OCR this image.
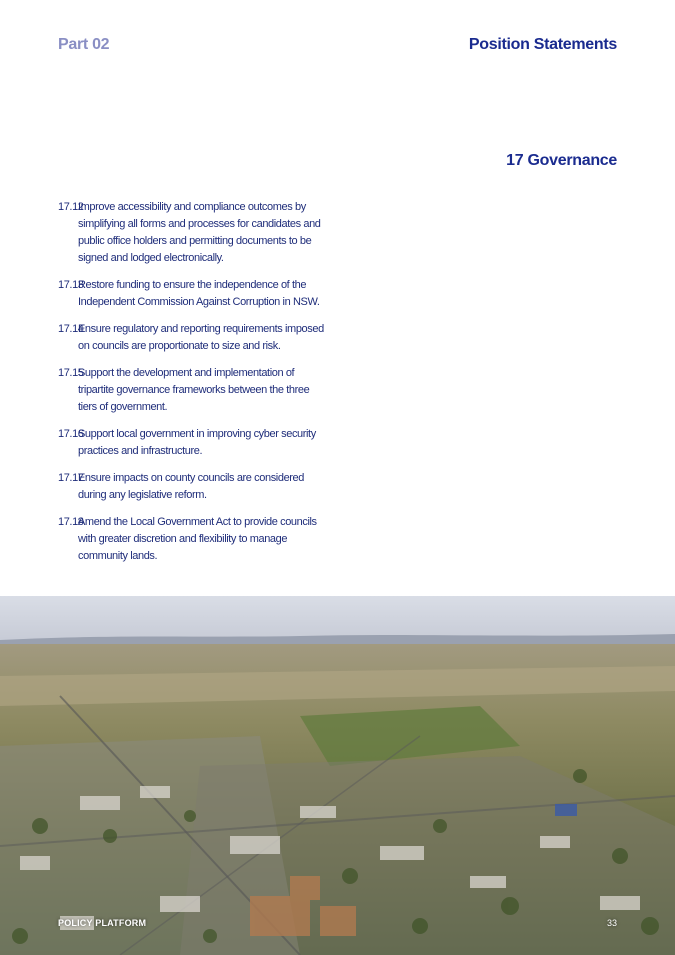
Part 02	Position Statements
17 Governance
17.12
Improve accessibility and compliance outcomes by simplifying all forms and processes for candidates and public office holders and permitting documents to be signed and lodged electronically.
17.13
Restore funding to ensure the independence of the Independent Commission Against Corruption in NSW.
17.14
Ensure regulatory and reporting requirements imposed on councils are proportionate to size and risk.
17.15
Support the development and implementation of tripartite governance frameworks between the three tiers of government.
17.16
Support local government in improving cyber security practices and infrastructure.
17.17
Ensure impacts on county councils are considered during any legislative reform.
17.18
Amend the Local Government Act to provide councils with greater discretion and flexibility to manage community lands.
POLICY PLATFORM	33
